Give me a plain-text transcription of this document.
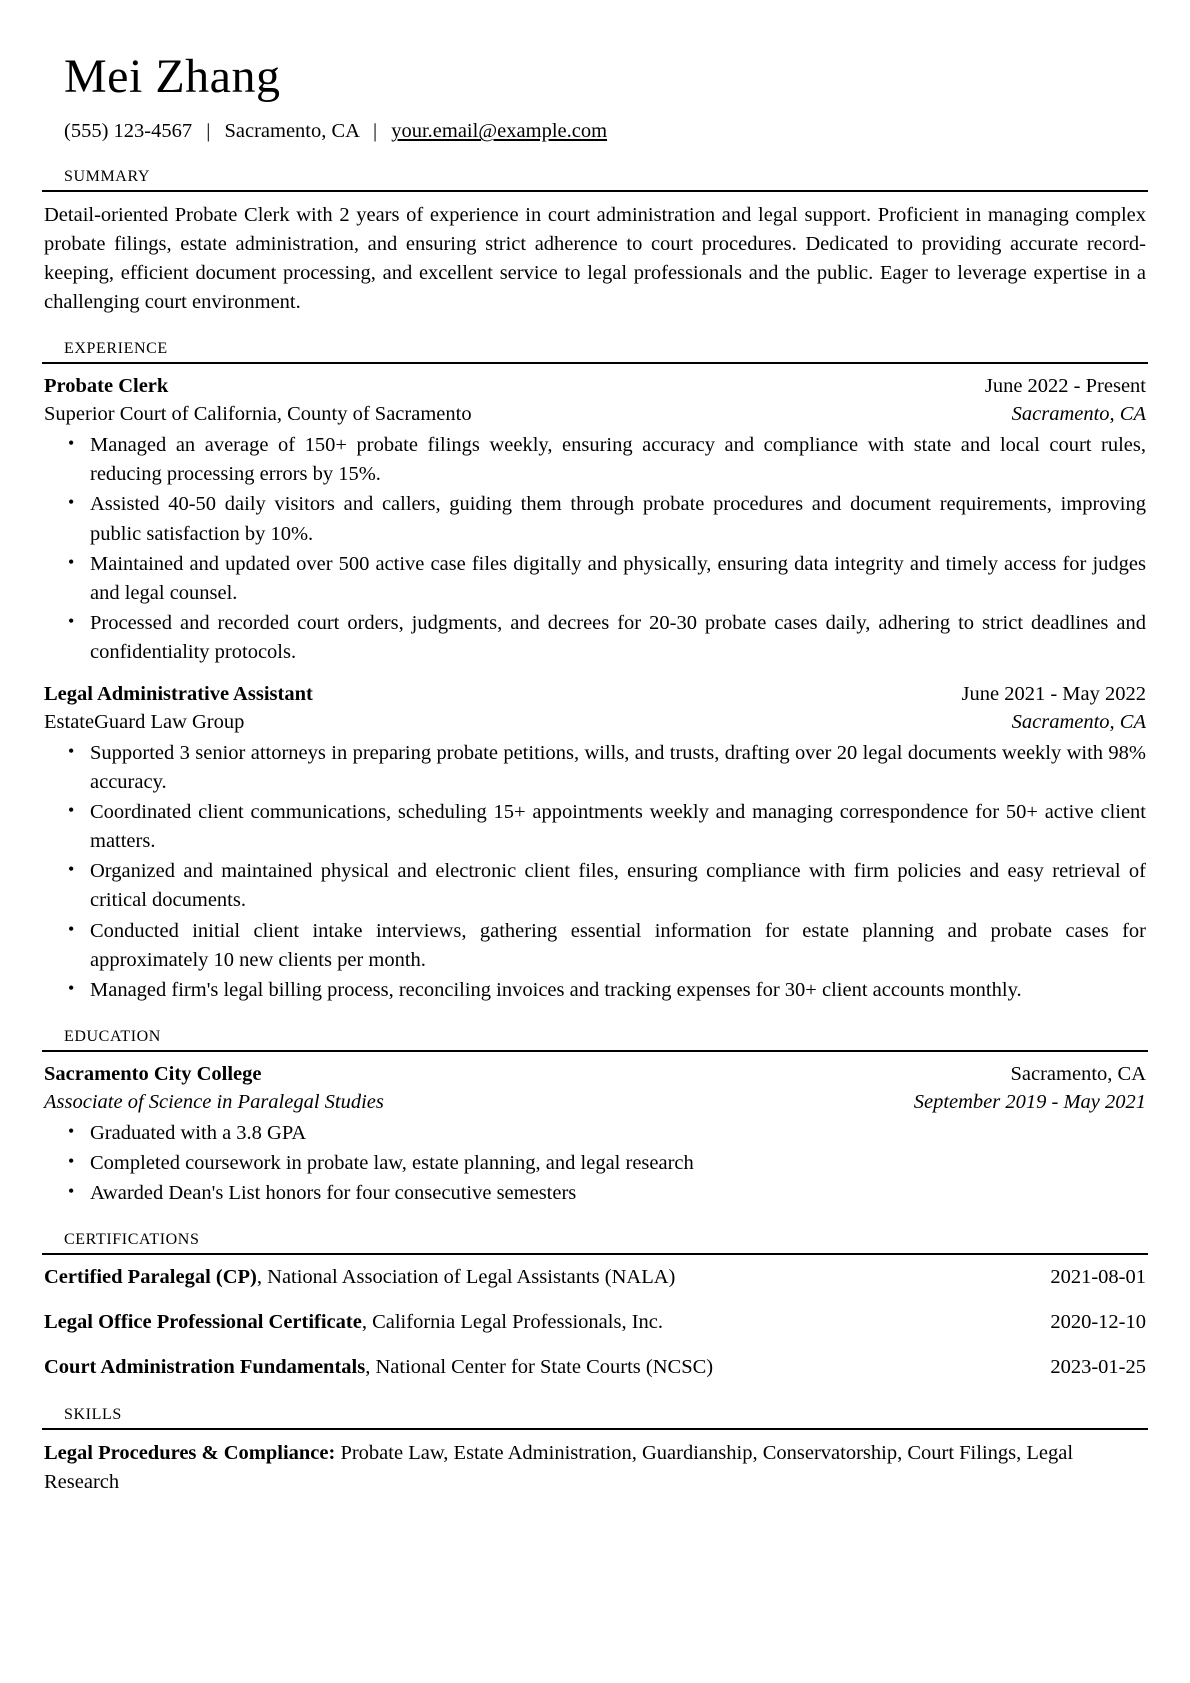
Mei Zhang
(555) 123-4567 | Sacramento, CA | your.email@example.com
summary

Detail-oriented Probate Clerk with 2 years of experience in court administration and legal support. Proficient in managing complex probate filings, estate administration, and ensuring strict adherence to court procedures. Dedicated to providing accurate record-keeping, efficient document processing, and excellent service to legal professionals and the public. Eager to leverage expertise in a challenging court environment.

experience
Probate Clerk	June 2022 - Present
Superior Court of California, County of Sacramento	Sacramento, CA
• Managed an average of 150+ probate filings weekly, ensuring accuracy and compliance with state and local court rules, reducing processing errors by 15%.
• Assisted 40-50 daily visitors and callers, guiding them through probate procedures and document requirements, improving public satisfaction by 10%.
• Maintained and updated over 500 active case files digitally and physically, ensuring data integrity and timely access for judges and legal counsel.
• Processed and recorded court orders, judgments, and decrees for 20-30 probate cases daily, adhering to strict deadlines and confidentiality protocols.
Legal Administrative Assistant	June 2021 - May 2022
EstateGuard Law Group	Sacramento, CA
• Supported 3 senior attorneys in preparing probate petitions, wills, and trusts, drafting over 20 legal documents weekly with 98% accuracy.
• Coordinated client communications, scheduling 15+ appointments weekly and managing correspondence for 50+ active client matters.
• Organized and maintained physical and electronic client files, ensuring compliance with firm policies and easy retrieval of critical documents.
• Conducted initial client intake interviews, gathering essential information for estate planning and probate cases for approximately 10 new clients per month.
• Managed firm's legal billing process, reconciling invoices and tracking expenses for 30+ client accounts monthly.
education
Sacramento City College	Sacramento, CA
Associate of Science in Paralegal Studies	September 2019 - May 2021
• Graduated with a 3.8 GPA
• Completed coursework in probate law, estate planning, and legal research
• Awarded Dean's List honors for four consecutive semesters
certifications
Certified Paralegal (CP), National Association of Legal Assistants (NALA)	2021-08-01
Legal Office Professional Certificate, California Legal Professionals, Inc.	2020-12-10
Court Administration Fundamentals, National Center for State Courts (NCSC)	2023-01-25
skills
Legal Procedures & Compliance: Probate Law, Estate Administration, Guardianship, Conservatorship, Court Filings, Legal Research
